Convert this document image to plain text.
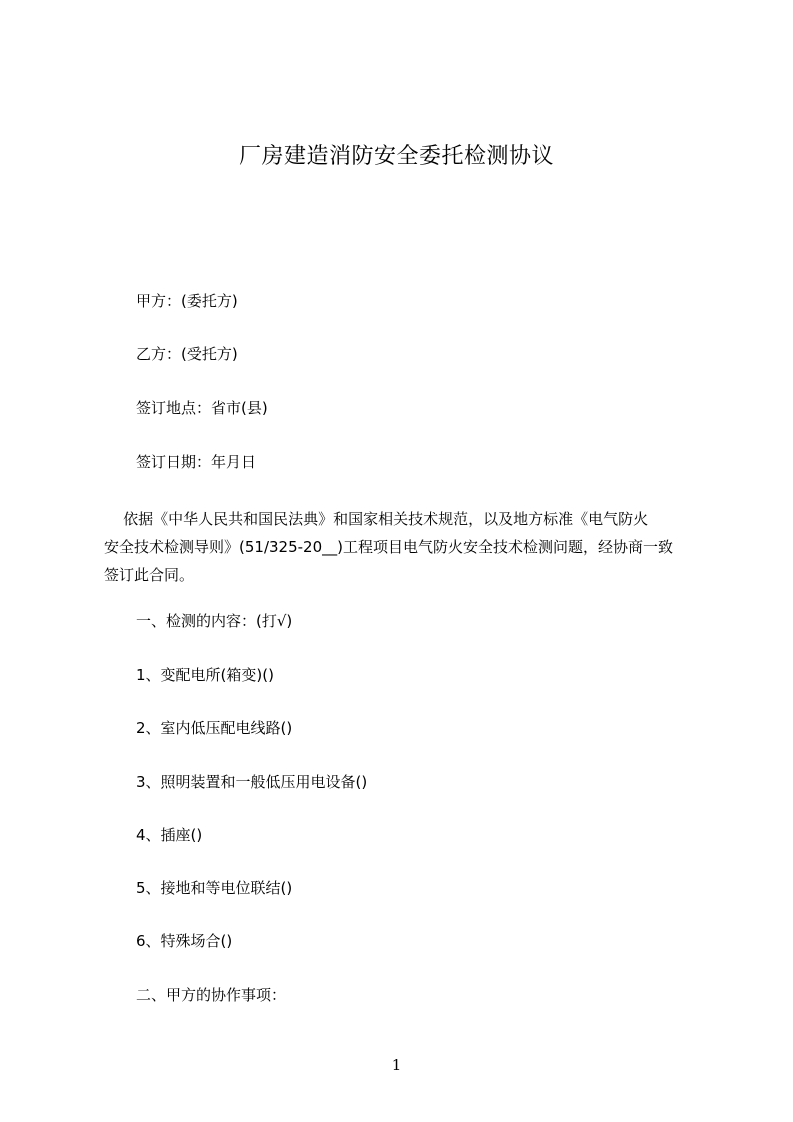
厂房建造消防安全委托检测协议
甲方：(委托方)
乙方：(受托方)
签订地点：省市(县)
签订日期：年月日
依据《中华人民共和国民法典》和国家相关技术规范，以及地方标准《电气防火
安全技术检测导则》(51/325-20__)工程项目电气防火安全技术检测问题，经协商一致
签订此合同。
一、检测的内容：(打√)
1、变配电所(箱变)()
2、室内低压配电线路()
3、照明装置和一般低压用电设备()
4、插座()
5、接地和等电位联结()
6、特殊场合()
二、甲方的协作事项：
1
